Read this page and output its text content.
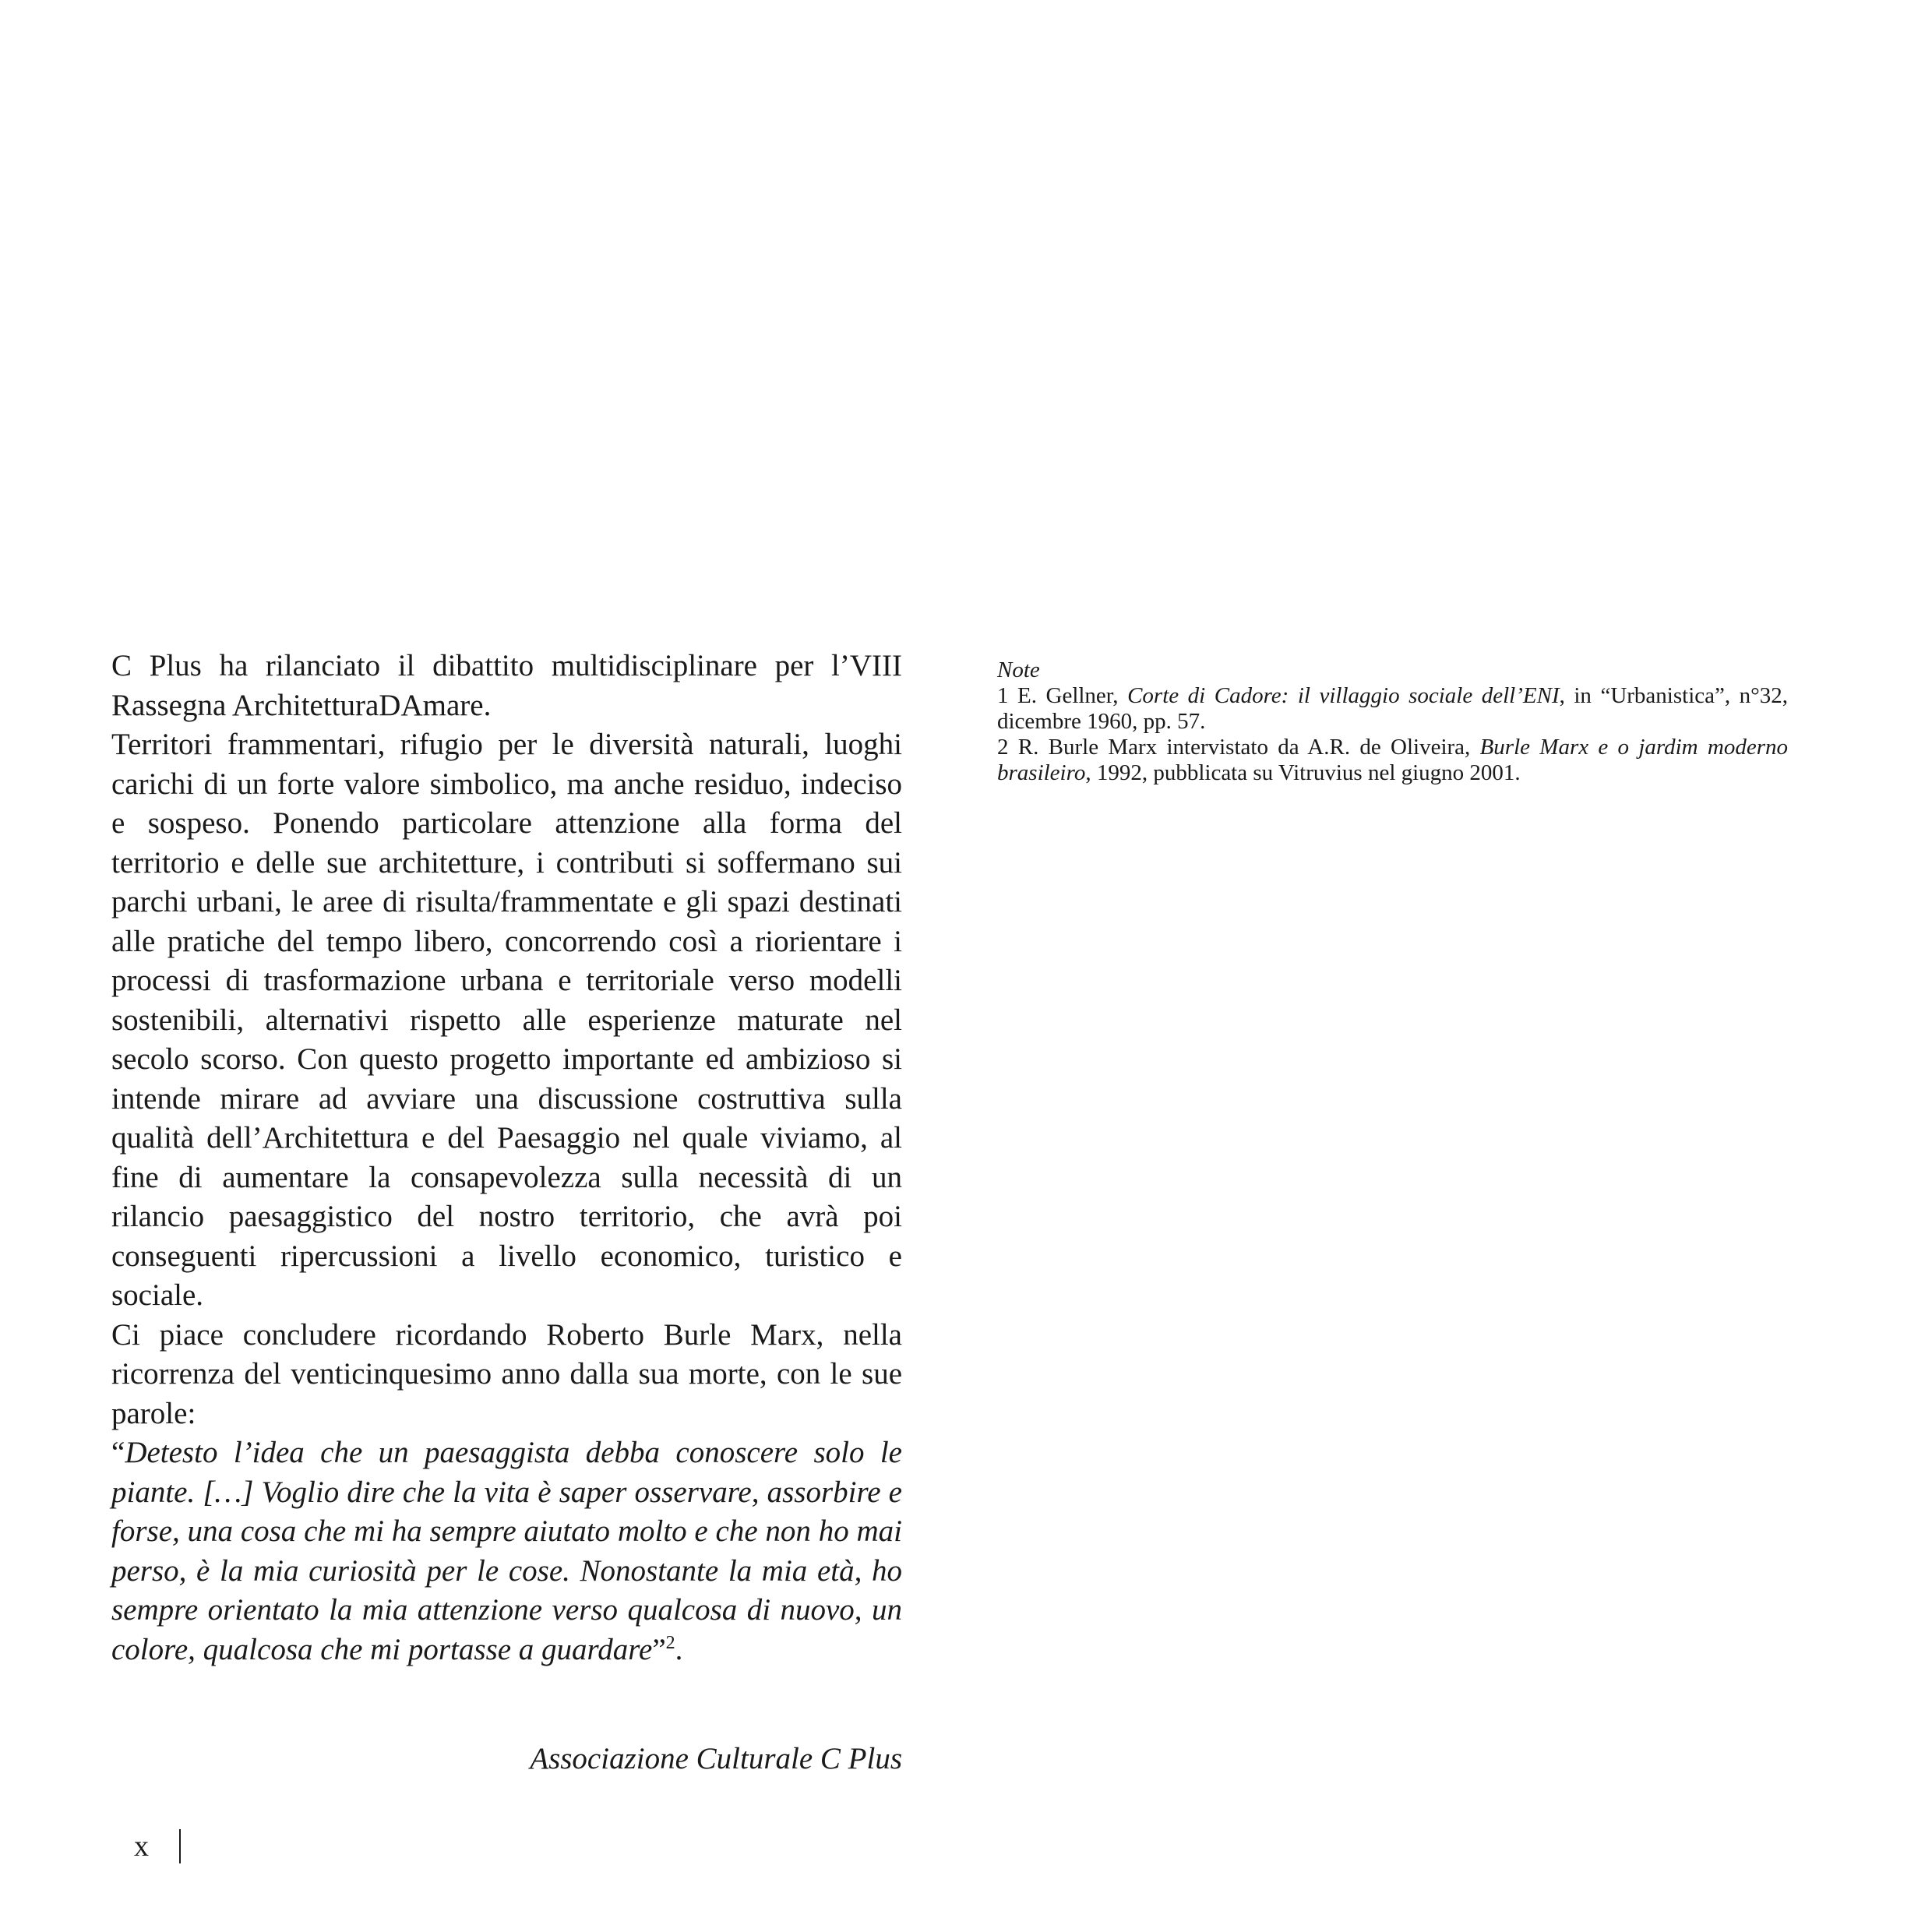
C Plus ha rilanciato il dibattito multidisciplinare per l’VIII Rassegna ArchitetturaDAmare.

Territori frammentari, rifugio per le diversità naturali, luoghi carichi di un forte valore simbolico, ma anche residuo, indeciso e sospeso. Ponendo particolare attenzione alla forma del territorio e delle sue architetture, i contributi si soffermano sui parchi urbani, le aree di risulta/frammentate e gli spazi destinati alle pratiche del tempo libero, concorrendo così a riorientare i processi di trasformazione urbana e territoriale verso modelli sostenibili, alternativi rispetto alle esperienze maturate nel secolo scorso. Con questo progetto importante ed ambizioso si intende mirare ad avviare una discussione costruttiva sulla qualità dell’Architettura e del Paesaggio nel quale viviamo, al fine di aumentare la consapevolezza sulla necessità di un rilancio paesaggistico del nostro territorio, che avrà poi conseguenti ripercussioni a livello economico, turistico e sociale.

Ci piace concludere ricordando Roberto Burle Marx, nella ricorrenza del venticinquesimo anno dalla sua morte, con le sue parole:

“Detesto l’idea che un paesaggista debba conoscere solo le piante. […] Voglio dire che la vita è saper osservare, assorbire e forse, una cosa che mi ha sempre aiutato molto e che non ho mai perso, è la mia curiosità per le cose. Nonostante la mia età, ho sempre orientato la mia attenzione verso qualcosa di nuovo, un colore, qualcosa che mi portasse a guardare”$^2$.

Associazione Culturale C Plus
Note

1 E. Gellner, Corte di Cadore: il villaggio sociale dell’ENI, in “Urbanistica”, n°32, dicembre 1960, pp. 57.

2 R. Burle Marx intervistato da A.R. de Oliveira, Burle Marx e o jardim moderno brasileiro, 1992, pubblicata su Vitruvius nel giugno 2001.

x
